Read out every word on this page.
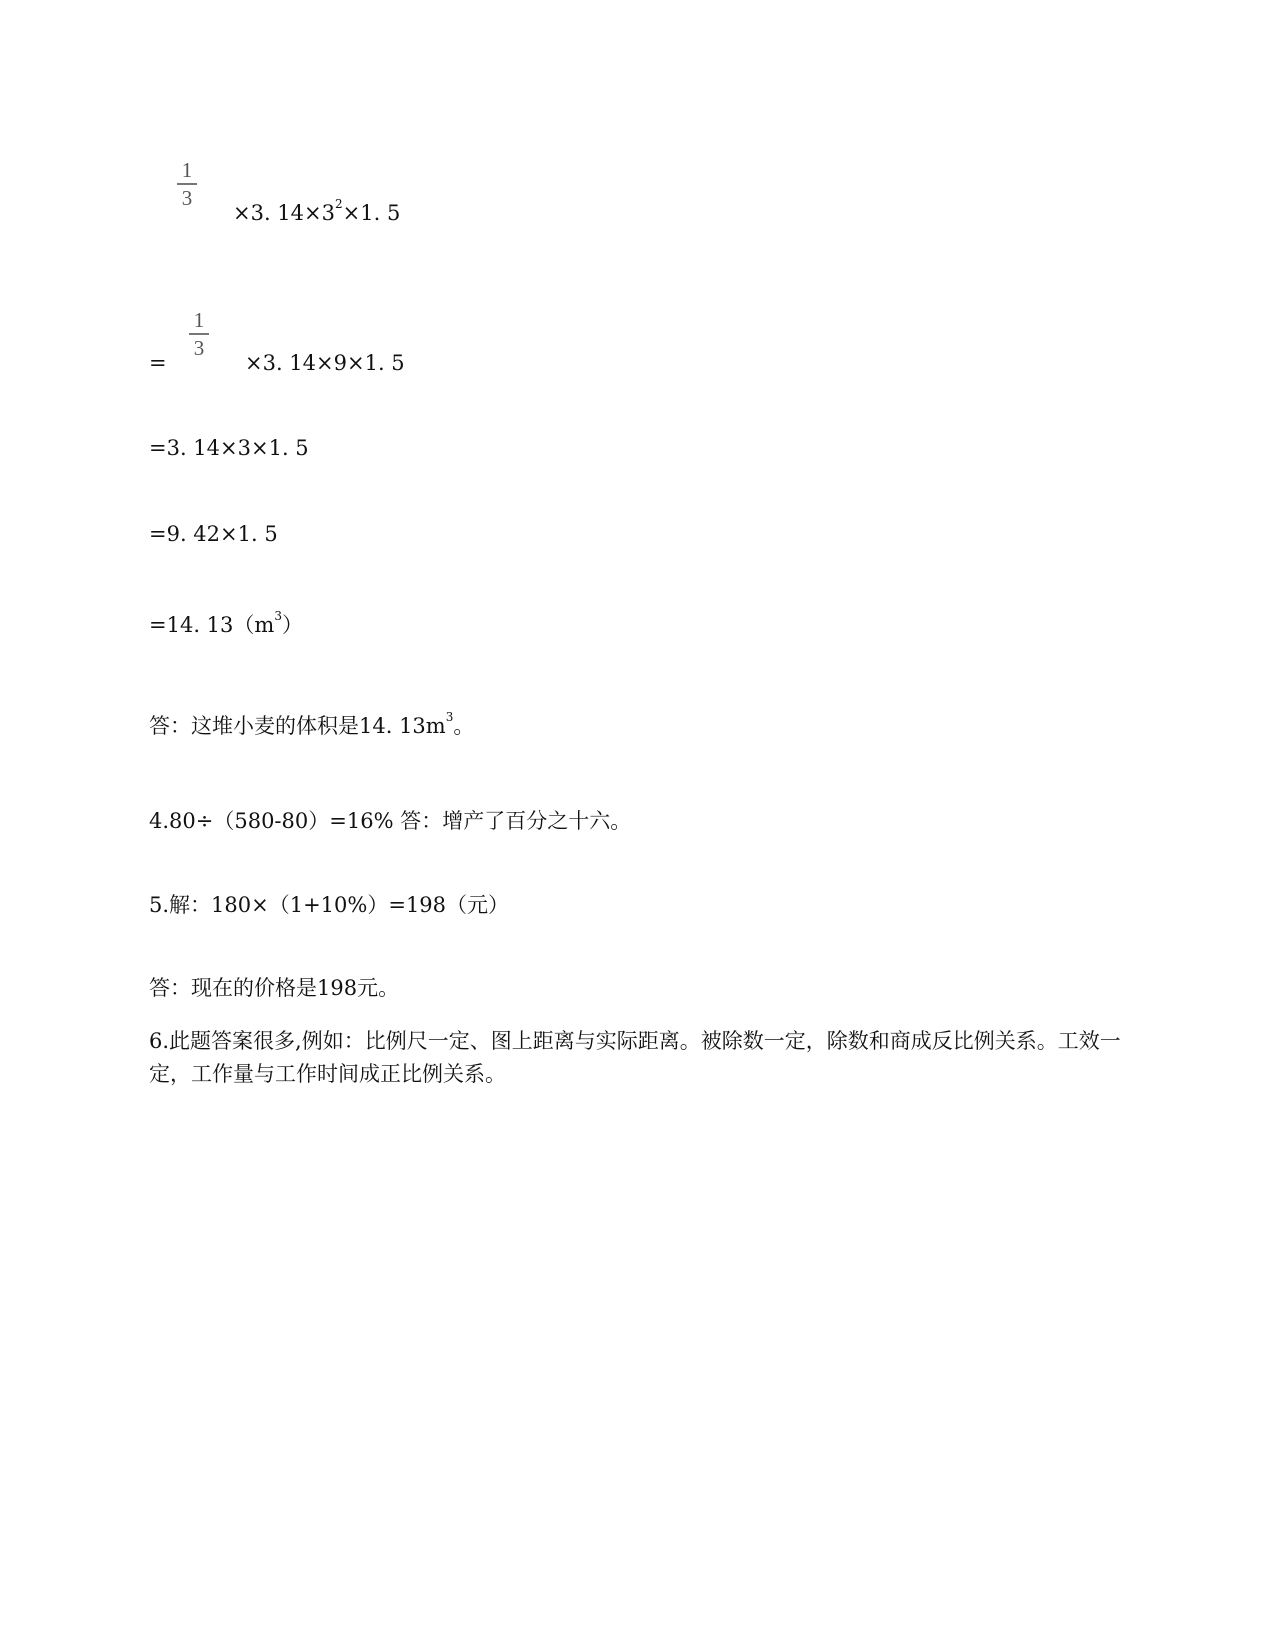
1
3
×3. $14\times 3^2\times 1$. 5
=
1
3
×3. 14×9×1. 5
=3. 14×3×1. 5
=9. 42×1. 5
=14. $13(m^3)$
答：这堆小麦的体积是14. $13m^3$。
4.80÷（580-80）=16% 答：增产了百分之十六。
5.解：180×（1+10%）=198（元）
答：现在的价格是198元。
6.此题答案很多,例如：比例尺一定、图上距离与实际距离。被除数一定，除数和商成反比例关系。工效一定，工作量与工作时间成正比例关系。
